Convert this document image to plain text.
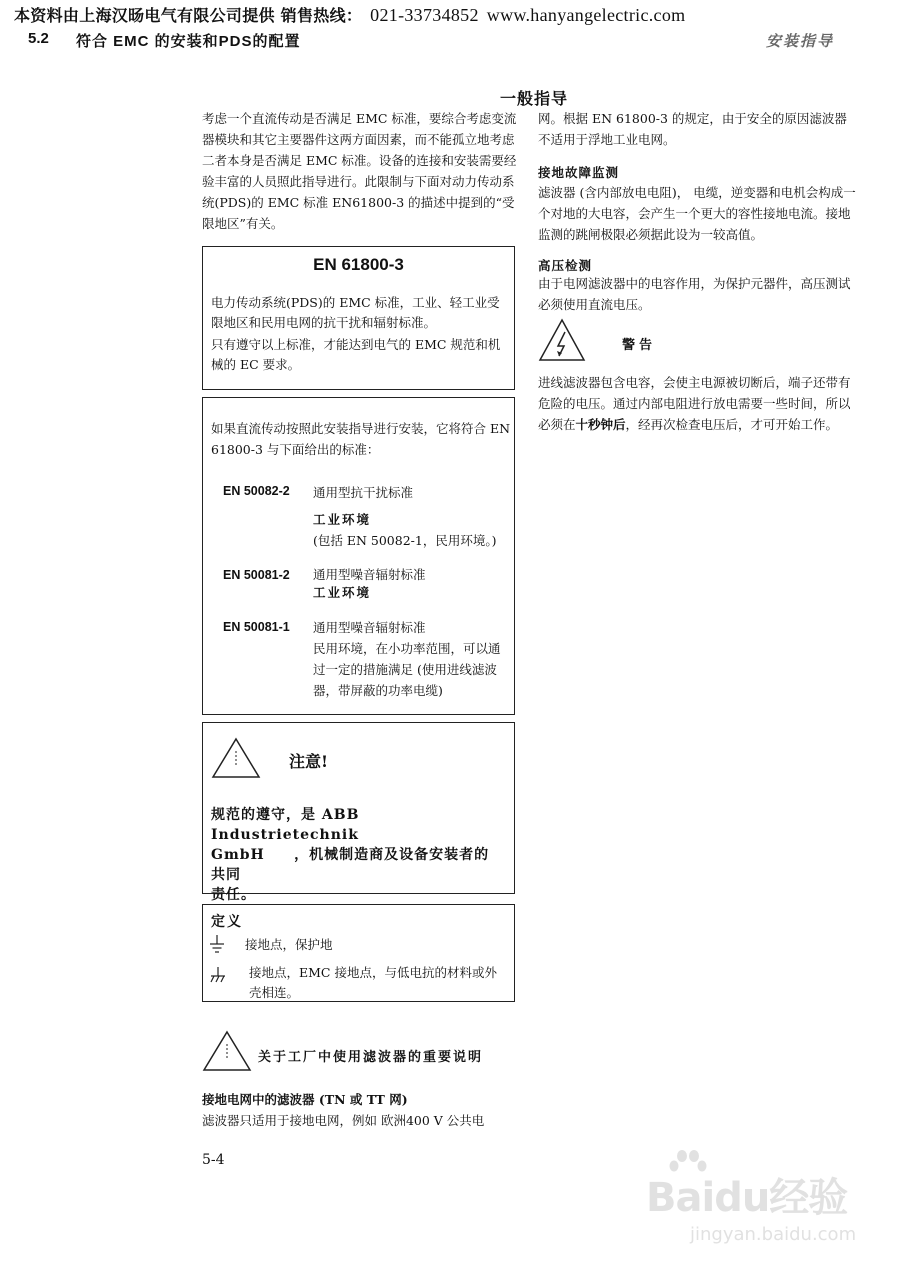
本资料由上海汉旸电气有限公司提供 销售热线： 021-33734852 www.hanyangelectric.com
5.2 符合 EMC 的安装和PDS的配置	安装指导
一般指导

考虑一个直流传动是否满足 EMC 标准，要综合考虑变流器模块和其它主要器件这两方面因素，而不能孤立地考虑二者本身是否满足 EMC 标准。设备的连接和安装需要经验丰富的人员照此指导进行。此限制与下面对动力传动系统(PDS)的 EMC 标准 EN61800-3 的描述中提到的“受限地区”有关。

EN 61800-3

电力传动系统(PDS)的 EMC 标准，工业、轻工业受限地区和民用电网的抗干扰和辐射标准。

只有遵守以上标准，才能达到电气的 EMC 规范和机械的 EC 要求。

如果直流传动按照此安装指导进行安装，它将符合 EN 61800-3 与下面给出的标准：

EN 50082-2 通用型抗干扰标准
工业环境
(包括 EN 50082-1，民用环境。)
EN 50081-2 通用型噪音辐射标准
工业环境
EN 50081-1 通用型噪音辐射标准
民用环境，在小功率范围，可以通过一定的措施满足 (使用进线滤波器，带屏蔽的功率电缆)
注意!
规范的遵守，是 ABB Industrietechnik
GmbH     ，机械制造商及设备安装者的
共同
责任。
定义
接地点，保护地

接地点，EMC 接地点，与低电抗的材料或外壳相连。

关于工厂中使用滤波器的重要说明
接地电网中的滤波器 (TN 或 TT 网)

滤波器只适用于接地电网，例如 欧洲400 V 公共电

网。根据 EN 61800-3 的规定，由于安全的原因滤波器不适用于浮地工业电网。

接地故障监测

滤波器 (含内部放电电阻)， 电缆，逆变器和电机会构成一个对地的大电容，会产生一个更大的容性接地电流。接地监测的跳闸极限必须据此设为一较高值。

高压检测

由于电网滤波器中的电容作用，为保护元器件，高压测试必须使用直流电压。

警告

进线滤波器包含电容，会使主电源被切断后，端子还带有危险的电压。通过内部电阻进行放电需要一些时间，所以必须在十秒钟后，经再次检查电压后，才可开始工作。

5-4
Baidu经验
jingyan.baidu.com
